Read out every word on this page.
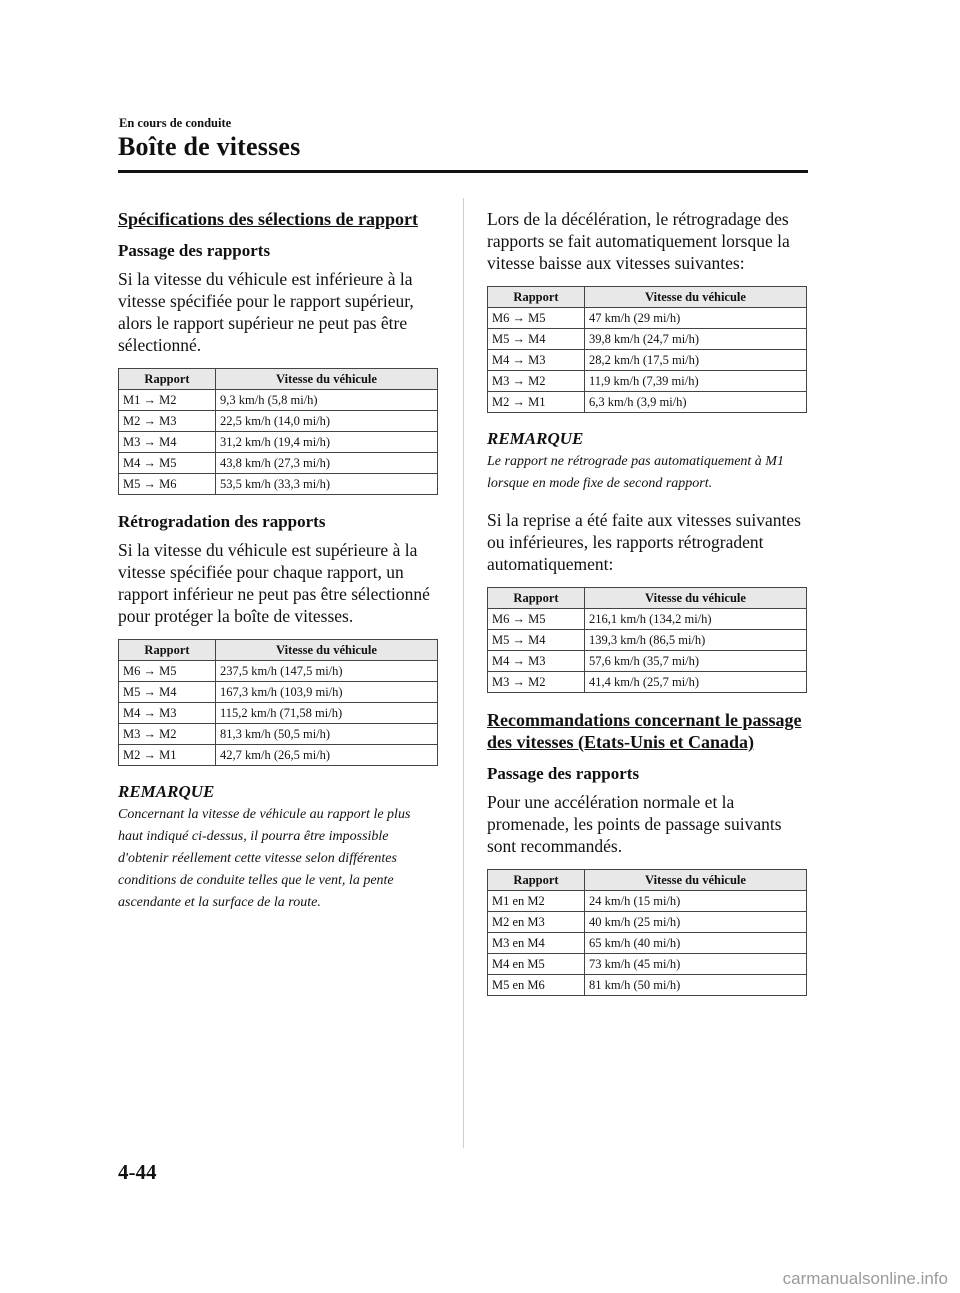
En cours de conduite
Boîte de vitesses
Spécifications des sélections de rapport
Passage des rapports

Si la vitesse du véhicule est inférieure à la vitesse spécifiée pour le rapport supérieur, alors le rapport supérieur ne peut pas être sélectionné.

Rapport	Vitesse du véhicule
M1 → M2	9,3 km/h (5,8 mi/h)
M2 → M3	22,5 km/h (14,0 mi/h)
M3 → M4	31,2 km/h (19,4 mi/h)
M4 → M5	43,8 km/h (27,3 mi/h)
M5 → M6	53,5 km/h (33,3 mi/h)
Rétrogradation des rapports

Si la vitesse du véhicule est supérieure à la vitesse spécifiée pour chaque rapport, un rapport inférieur ne peut pas être sélectionné pour protéger la boîte de vitesses.

Rapport	Vitesse du véhicule
M6 → M5	237,5 km/h (147,5 mi/h)
M5 → M4	167,3 km/h (103,9 mi/h)
M4 → M3	115,2 km/h (71,58 mi/h)
M3 → M2	81,3 km/h (50,5 mi/h)
M2 → M1	42,7 km/h (26,5 mi/h)
REMARQUE
Concernant la vitesse de véhicule au rapport le plus haut indiqué ci-dessus, il pourra être impossible d'obtenir réellement cette vitesse selon différentes conditions de conduite telles que le vent, la pente ascendante et la surface de la route.

Lors de la décélération, le rétrogradage des rapports se fait automatiquement lorsque la vitesse baisse aux vitesses suivantes:

Rapport	Vitesse du véhicule
M6 → M5	47 km/h (29 mi/h)
M5 → M4	39,8 km/h (24,7 mi/h)
M4 → M3	28,2 km/h (17,5 mi/h)
M3 → M2	11,9 km/h (7,39 mi/h)
M2 → M1	6,3 km/h (3,9 mi/h)
REMARQUE
Le rapport ne rétrograde pas automatiquement à M1 lorsque en mode fixe de second rapport.

Si la reprise a été faite aux vitesses suivantes ou inférieures, les rapports rétrogradent automatiquement:

Rapport	Vitesse du véhicule
M6 → M5	216,1 km/h (134,2 mi/h)
M5 → M4	139,3 km/h (86,5 mi/h)
M4 → M3	57,6 km/h (35,7 mi/h)
M3 → M2	41,4 km/h (25,7 mi/h)
Recommandations concernant le passage des vitesses (Etats-Unis et Canada)
Passage des rapports

Pour une accélération normale et la promenade, les points de passage suivants sont recommandés.

Rapport	Vitesse du véhicule
M1 en M2	24 km/h (15 mi/h)
M2 en M3	40 km/h (25 mi/h)
M3 en M4	65 km/h (40 mi/h)
M4 en M5	73 km/h (45 mi/h)
M5 en M6	81 km/h (50 mi/h)
4-44
carmanualsonline.info
